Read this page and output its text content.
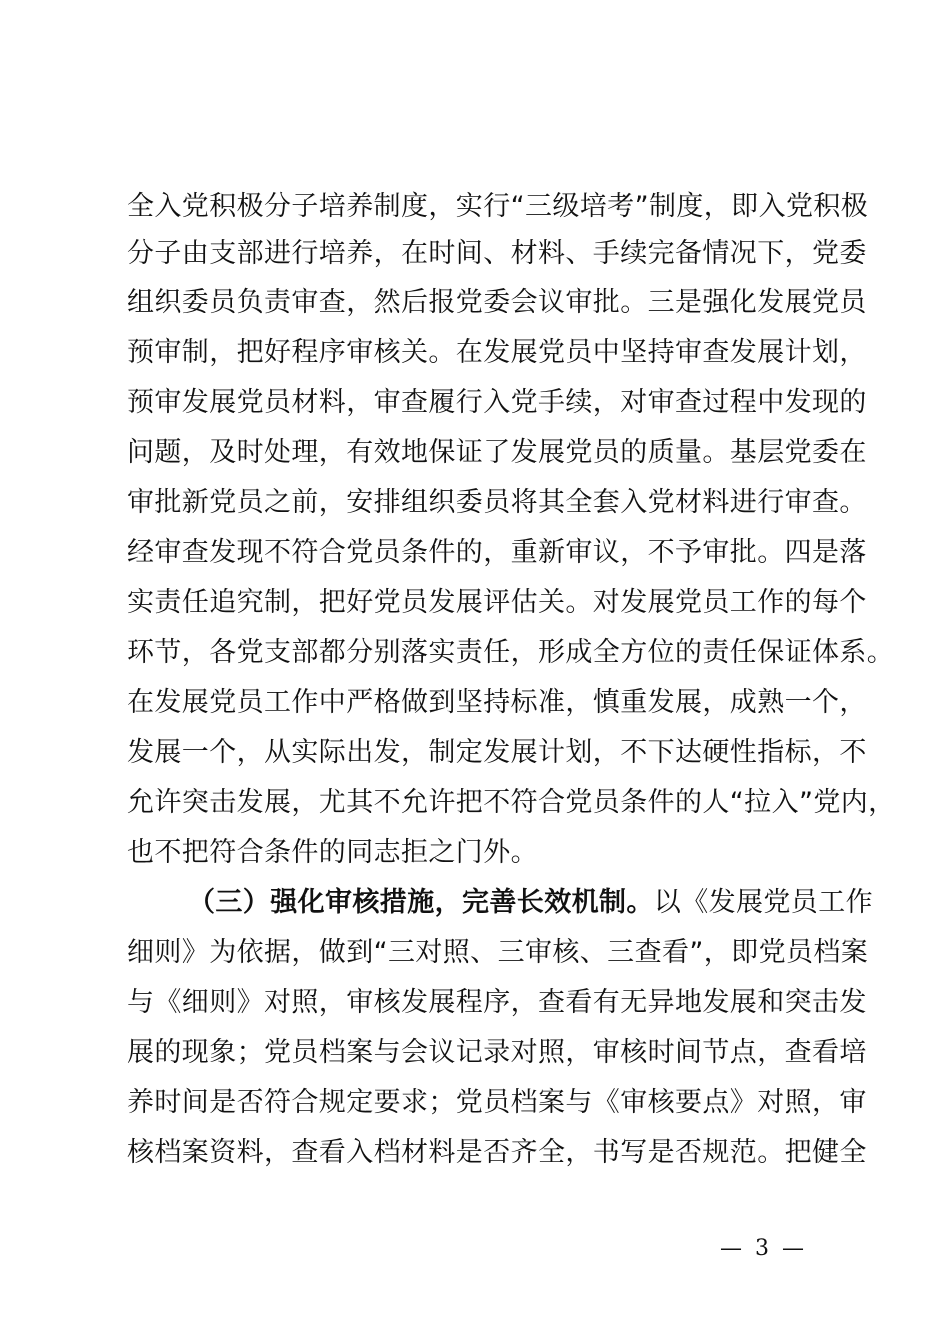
全入党积极分子培养制度，实行“三级培考”制度，即入党积极
分子由支部进行培养，在时间、材料、手续完备情况下，党委
组织委员负责审查，然后报党委会议审批。三是强化发展党员
预审制，把好程序审核关。在发展党员中坚持审查发展计划，
预审发展党员材料，审查履行入党手续，对审查过程中发现的
问题，及时处理，有效地保证了发展党员的质量。基层党委在
审批新党员之前，安排组织委员将其全套入党材料进行审查。
经审查发现不符合党员条件的，重新审议，不予审批。四是落
实责任追究制，把好党员发展评估关。对发展党员工作的每个
环节，各党支部都分别落实责任，形成全方位的责任保证体系。
在发展党员工作中严格做到坚持标准，慎重发展，成熟一个，
发展一个，从实际出发，制定发展计划，不下达硬性指标，不
允许突击发展，尤其不允许把不符合党员条件的人“拉入”党内，
也不把符合条件的同志拒之门外。
（三）强化审核措施，完善长效机制。以《发展党员工作
细则》为依据，做到“三对照、三审核、三查看”，即党员档案
与《细则》对照，审核发展程序，查看有无异地发展和突击发
展的现象；党员档案与会议记录对照，审核时间节点，查看培
养时间是否符合规定要求；党员档案与《审核要点》对照，审
核档案资料，查看入档材料是否齐全，书写是否规范。把健全
— 3 —
